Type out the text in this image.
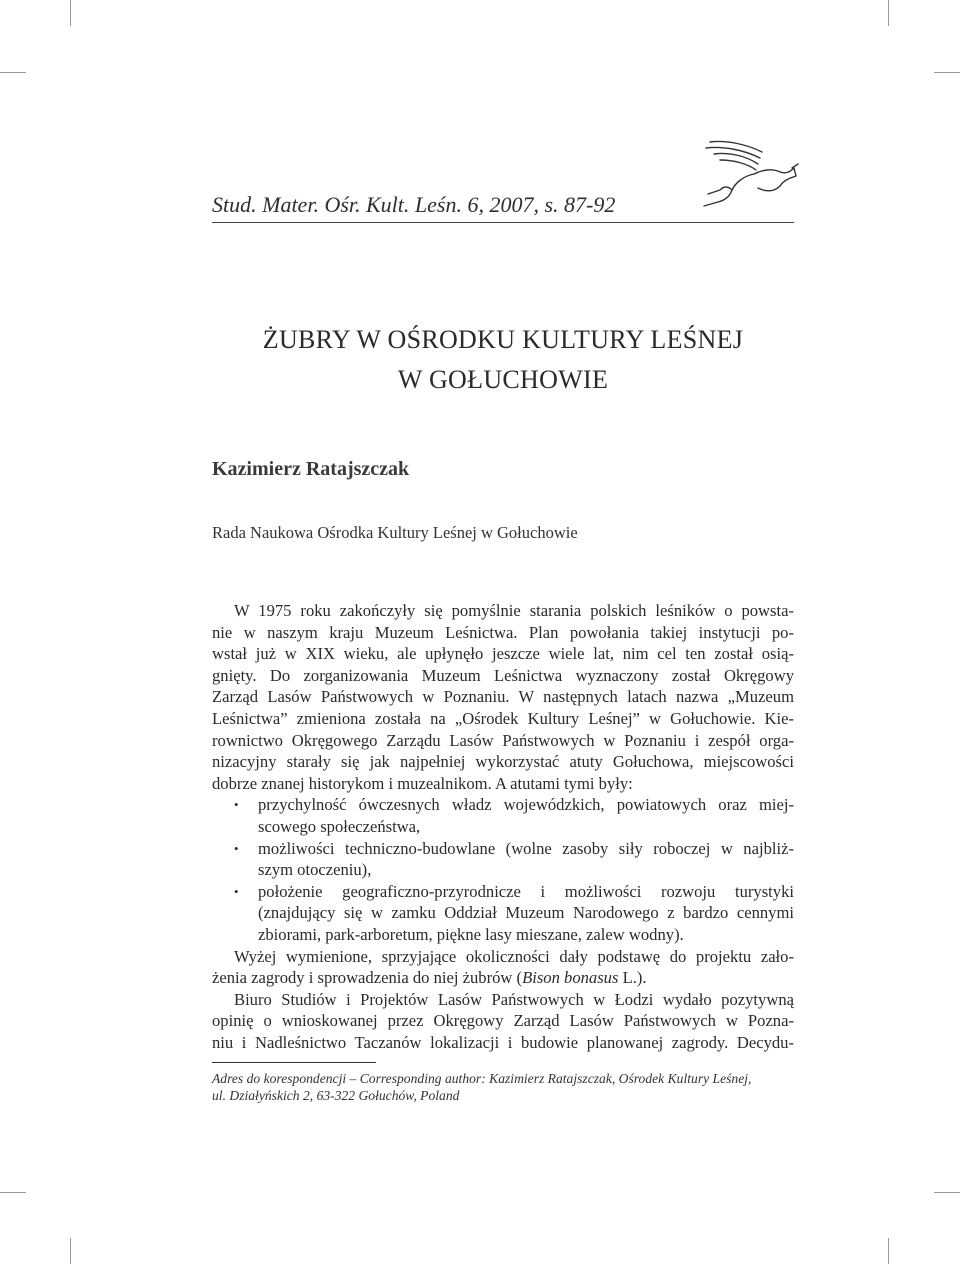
Stud. Mater. Ośr. Kult. Leśn. 6, 2007, s. 87-92
ŻUBRY W OŚRODKU KULTURY LEŚNEJ
W GOŁUCHOWIE
Kazimierz Ratajszczak
Rada Naukowa Ośrodka Kultury Leśnej w Gołuchowie
W 1975 roku zakończyły się pomyślnie starania polskich leśników o powsta-
nie w naszym kraju Muzeum Leśnictwa. Plan powołania takiej instytucji po-
wstał już w XIX wieku, ale upłynęło jeszcze wiele lat, nim cel ten został osią-
gnięty. Do zorganizowania Muzeum Leśnictwa wyznaczony został Okręgowy
Zarząd Lasów Państwowych w Poznaniu. W następnych latach nazwa „Muzeum
Leśnictwa” zmieniona została na „Ośrodek Kultury Leśnej” w Gołuchowie. Kie-
rownictwo Okręgowego Zarządu Lasów Państwowych w Poznaniu i zespół orga-
nizacyjny starały się jak najpełniej wykorzystać atuty Gołuchowa, miejscowości
dobrze znanej historykom i muzealnikom. A atutami tymi były:
• przychylność ówczesnych władz wojewódzkich, powiatowych oraz miej-
scowego społeczeństwa,
• możliwości techniczno-budowlane (wolne zasoby siły roboczej w najbliż-
szym otoczeniu),
• położenie geograficzno-przyrodnicze i możliwości rozwoju turystyki
(znajdujący się w zamku Oddział Muzeum Narodowego z bardzo cennymi
zbiorami, park-arboretum, piękne lasy mieszane, zalew wodny).
Wyżej wymienione, sprzyjające okoliczności dały podstawę do projektu zało-
żenia zagrody i sprowadzenia do niej żubrów (Bison bonasus L.).
Biuro Studiów i Projektów Lasów Państwowych w Łodzi wydało pozytywną
opinię o wnioskowanej przez Okręgowy Zarząd Lasów Państwowych w Pozna-
niu i Nadleśnictwo Taczanów lokalizacji i budowie planowanej zagrody. Decydu-
Adres do korespondencji – Corresponding author: Kazimierz Ratajszczak, Ośrodek Kultury Leśnej,
ul. Działyńskich 2, 63-322 Gołuchów, Poland
